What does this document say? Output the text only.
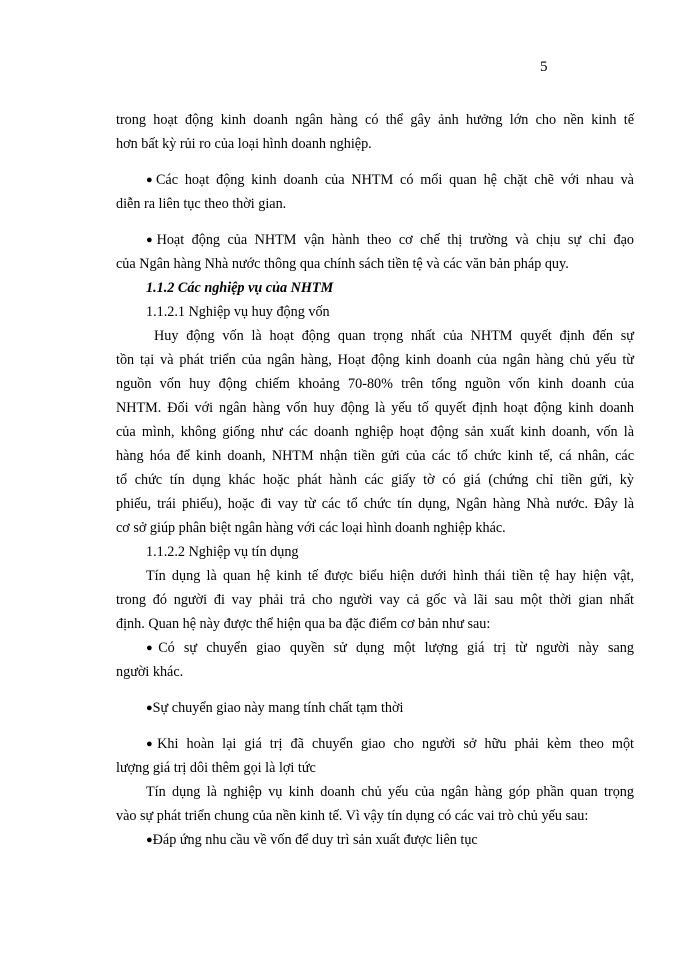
5
trong hoạt động kinh doanh ngân hàng có thể gây ảnh hưởng lớn cho nền kinh tế
hơn bất kỳ rủi ro của loại hình doanh nghiệp.
●Các hoạt động kinh doanh của NHTM có mối quan hệ chặt chẽ với nhau và
diễn ra liên tục theo thời gian.
●Hoạt động của NHTM vận hành theo cơ chế thị trường và chịu sự chỉ đạo
của Ngân hàng Nhà nước thông qua chính sách tiền tệ và các văn bản pháp quy.
1.1.2 Các nghiệp vụ của NHTM
1.1.2.1 Nghiệp vụ huy động vốn
Huy động vốn là hoạt động quan trọng nhất của NHTM quyết định đến sự
tồn tại và phát triển của ngân hàng, Hoạt động kinh doanh của ngân hàng chủ yếu từ
nguồn vốn huy động chiếm khoảng 70-80% trên tổng nguồn vốn kinh doanh của
NHTM. Đối với ngân hàng vốn huy động là yếu tố quyết định hoạt động kinh doanh
của mình, không giống như các doanh nghiệp hoạt động sản xuất kinh doanh, vốn là
hàng hóa để kinh doanh, NHTM nhận tiền gửi của các tổ chức kinh tế, cá nhân, các
tổ chức tín dụng khác hoặc phát hành các giấy tờ có giá (chứng chỉ tiền gửi, kỳ
phiếu, trái phiếu), hoặc đi vay từ các tổ chức tín dụng, Ngân hàng Nhà nước. Đây là
cơ sở giúp phân biệt ngân hàng với các loại hình doanh nghiệp khác.
1.1.2.2 Nghiệp vụ tín dụng
Tín dụng là quan hệ kinh tế được biểu hiện dưới hình thái tiền tệ hay hiện vật,
trong đó người đi vay phải trả cho người vay cả gốc và lãi sau một thời gian nhất
định. Quan hệ này được thể hiện qua ba đặc điểm cơ bản như sau:
●Có sự chuyển giao quyền sử dụng một lượng giá trị từ người này sang
người khác.
●Sự chuyển giao này mang tính chất tạm thời
●Khi hoàn lại giá trị đã chuyển giao cho người sở hữu phải kèm theo một
lượng giá trị dôi thêm gọi là lợi tức
Tín dụng là nghiệp vụ kinh doanh chủ yếu của ngân hàng góp phần quan trọng
vào sự phát triển chung của nền kinh tế. Vì vậy tín dụng có các vai trò chủ yếu sau:
●Đáp ứng nhu cầu về vốn để duy trì sản xuất được liên tục
